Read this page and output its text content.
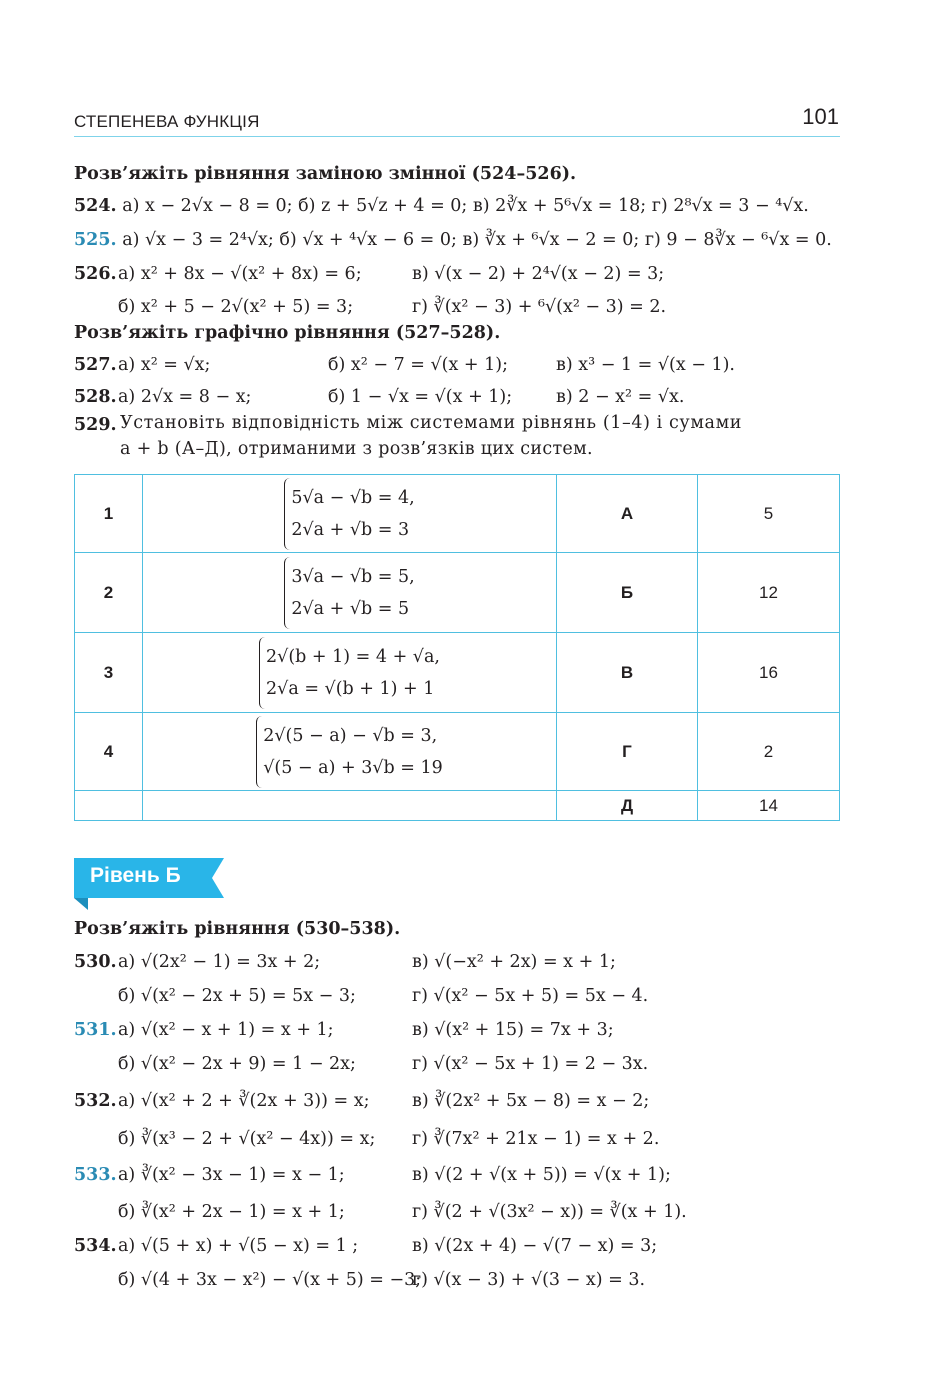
СТЕПЕНЕВА ФУНКЦІЯ	101
Розв’яжіть рівняння заміною змінної (524–526).
524. а) x − 2√x − 8 = 0; б) z + 5√z + 4 = 0; в) 2∛x + 5⁶√x = 18; г) 2⁸√x = 3 − ⁴√x.
525. а) √x − 3 = 2⁴√x; б) √x + ⁴√x − 6 = 0; в) ∛x + ⁶√x − 2 = 0; г) 9 − 8∛x − ⁶√x = 0.
526. а) x² + 8x − √(x² + 8x) = 6;	в) √(x − 2) + 2⁴√(x − 2) = 3;
б) x² + 5 − 2√(x² + 5) = 3;	г) ∛(x² − 3) + ⁶√(x² − 3) = 2.
Розв’яжіть графічно рівняння (527–528).
527. а) x² = √x;	б) x² − 7 = √(x + 1);	в) x³ − 1 = √(x − 1).
528. а) 2√x = 8 − x;	б) 1 − √x = √(x + 1);	в) 2 − x² = √x.
529. Установіть відповідність між системами рівнянь (1–4) і сумами
a + b (А–Д), отриманими з розв’язків цих систем.
1	5√a − √b = 4,
2√a + √b = 3	А	5
2	3√a − √b = 5,
2√a + √b = 5	Б	12
3	2√(b + 1) = 4 + √a,
2√a = √(b + 1) + 1	В	16
4	2√(5 − a) − √b = 3,
√(5 − a) + 3√b = 19	Г	2
		Д	14
Рівень Б
Розв’яжіть рівняння (530–538).
530. а) √(2x² − 1) = 3x + 2;	в) √(−x² + 2x) = x + 1;
б) √(x² − 2x + 5) = 5x − 3;	г) √(x² − 5x + 5) = 5x − 4.
531. а) √(x² − x + 1) = x + 1;	в) √(x² + 15) = 7x + 3;
б) √(x² − 2x + 9) = 1 − 2x;	г) √(x² − 5x + 1) = 2 − 3x.
532. а) √(x² + 2 + ∛(2x + 3)) = x; в) ∛(2x² + 5x − 8) = x − 2;
б) ∛(x³ − 2 + √(x² − 4x)) = x; г) ∛(7x² + 21x − 1) = x + 2.
533. а) ∛(x² − 3x − 1) = x − 1;	в) √(2 + √(x + 5)) = √(x + 1);
б) ∛(x² + 2x − 1) = x + 1;	г) ∛(2 + √(3x² − x)) = ∛(x + 1).
534. а) √(5 + x) + √(5 − x) = 1 ;	в) √(2x + 4) − √(7 − x) = 3;
б) √(4 + 3x − x²) − √(x + 5) = −3;
г) √(x − 3) + √(3 − x) = 3.
